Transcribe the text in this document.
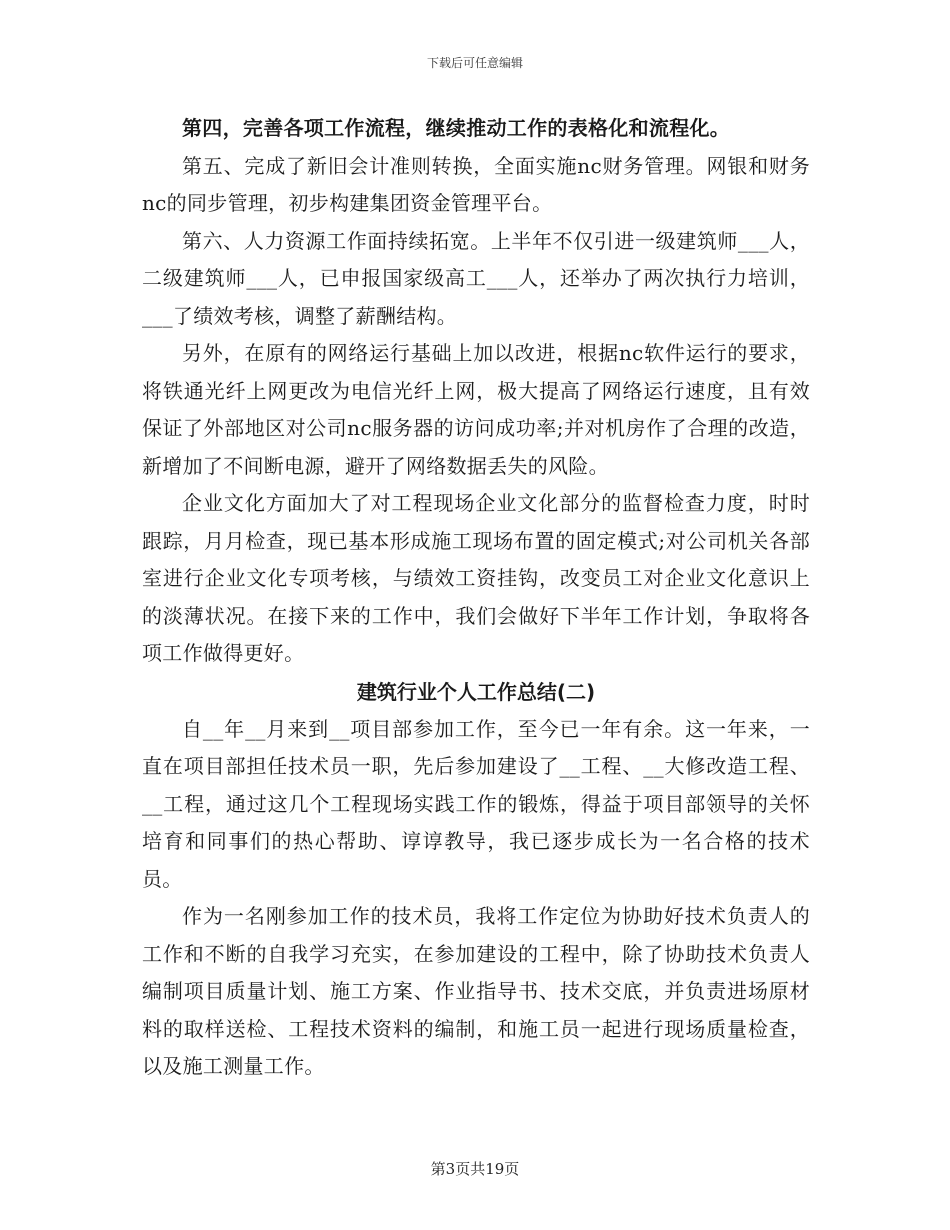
下载后可任意编辑

第四，完善各项工作流程，继续推动工作的表格化和流程化。

第五、完成了新旧会计准则转换，全面实施nc财务管理。网银和财务nc的同步管理，初步构建集团资金管理平台。

第六、人力资源工作面持续拓宽。上半年不仅引进一级建筑师___人，二级建筑师___人，已申报国家级高工___人，还举办了两次执行力培训，___了绩效考核，调整了薪酬结构。

另外，在原有的网络运行基础上加以改进，根据nc软件运行的要求，将铁通光纤上网更改为电信光纤上网，极大提高了网络运行速度，且有效保证了外部地区对公司nc服务器的访问成功率;并对机房作了合理的改造，新增加了不间断电源，避开了网络数据丢失的风险。

企业文化方面加大了对工程现场企业文化部分的监督检查力度，时时跟踪，月月检查，现已基本形成施工现场布置的固定模式;对公司机关各部室进行企业文化专项考核，与绩效工资挂钩，改变员工对企业文化意识上的淡薄状况。在接下来的工作中，我们会做好下半年工作计划，争取将各项工作做得更好。

建筑行业个人工作总结(二)

自__年__月来到__项目部参加工作，至今已一年有余。这一年来，一直在项目部担任技术员一职，先后参加建设了__工程、__大修改造工程、__工程，通过这几个工程现场实践工作的锻炼，得益于项目部领导的关怀培育和同事们的热心帮助、谆谆教导，我已逐步成长为一名合格的技术员。

作为一名刚参加工作的技术员，我将工作定位为协助好技术负责人的工作和不断的自我学习充实，在参加建设的工程中，除了协助技术负责人编制项目质量计划、施工方案、作业指导书、技术交底，并负责进场原材料的取样送检、工程技术资料的编制，和施工员一起进行现场质量检查，以及施工测量工作。

第3页共19页
